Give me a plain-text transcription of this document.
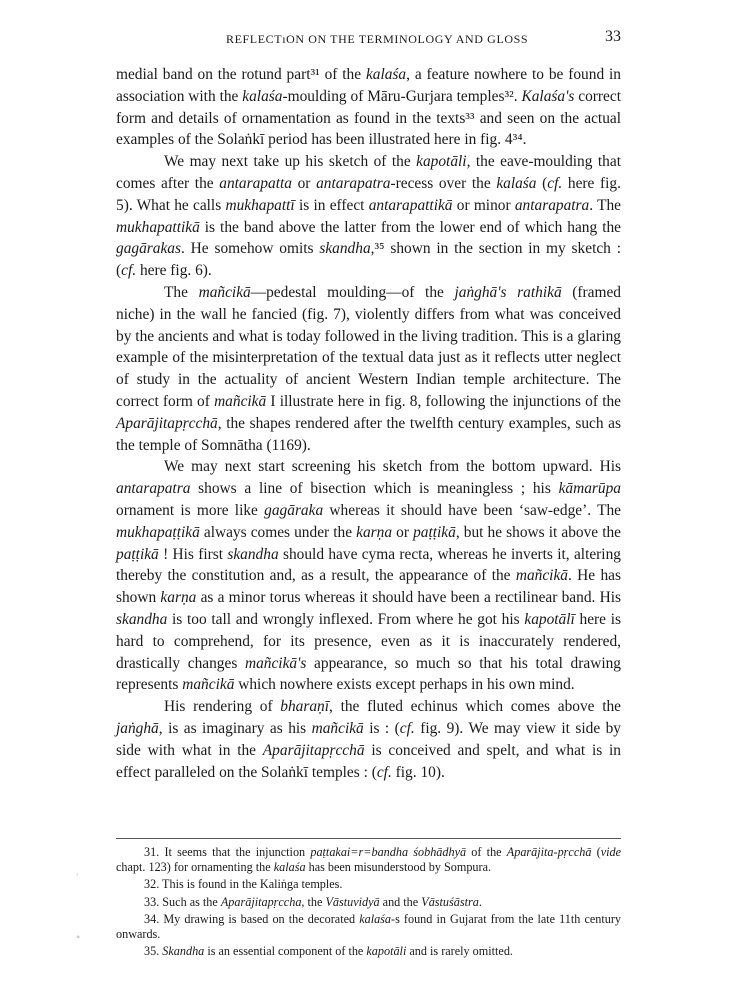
REFLECTıON ON THE TERMINOLOGY AND GLOSS	33

medial band on the rotund part³¹ of the kalaśa, a feature nowhere to be found in association with the kalaśa-moulding of Māru-Gurjara temples³². Kalaśa's correct form and details of ornamentation as found in the texts³³ and seen on the actual examples of the Solaṅkī period has been illustrated here in fig. 4³⁴.

We may next take up his sketch of the kapotāli, the eave-moulding that comes after the antarapatta or antarapatra-recess over the kalaśa (cf. here fig. 5). What he calls mukhapattī is in effect antarapattikā or minor antarapatra. The mukhapattikā is the band above the latter from the lower end of which hang the gagārakas. He somehow omits skandha,³⁵ shown in the section in my sketch : (cf. here fig. 6).

The mañcikā—pedestal moulding—of the jaṅghā's rathikā (framed niche) in the wall he fancied (fig. 7), violently differs from what was conceived by the ancients and what is today followed in the living tradition. This is a glaring example of the misinterpretation of the textual data just as it reflects utter neglect of study in the actuality of ancient Western Indian temple architecture. The correct form of mañcikā I illustrate here in fig. 8, following the injunctions of the Aparājitapṛcchā, the shapes rendered after the twelfth century examples, such as the temple of Somnātha (1169).

We may next start screening his sketch from the bottom upward. His antarapatra shows a line of bisection which is meaningless ; his kāmarūpa ornament is more like gagāraka whereas it should have been ‘saw-edge’. The mukhapaṭṭikā always comes under the karṇa or paṭṭikā, but he shows it above the paṭṭikā ! His first skandha should have cyma recta, whereas he inverts it, altering thereby the constitution and, as a result, the appearance of the mañcikā. He has shown karṇa as a minor torus whereas it should have been a rectilinear band. His skandha is too tall and wrongly inflexed. From where he got his kapotālī here is hard to comprehend, for its presence, even as it is inaccurately rendered, drastically changes mañcikā's appearance, so much so that his total drawing represents mañcikā which nowhere exists except perhaps in his own mind.

His rendering of bharaṇī, the fluted echinus which comes above the jaṅghā, is as imaginary as his mañcikā is : (cf. fig. 9). We may view it side by side with what in the Aparājitapṛcchā is conceived and spelt, and what is in effect paralleled on the Solaṅkī temples : (cf. fig. 10).

31. It seems that the injunction paṭtakai=r=bandha śobhādhyā of the Aparājita-pṛcchā (vide chapt. 123) for ornamenting the kalaśa has been misunderstood by Sompura.

32. This is found in the Kaliṅga temples.

33. Such as the Aparājitapṛccha, the Vāstuvidyā and the Vāstuśāstra.

34. My drawing is based on the decorated kalaśa-s found in Gujarat from the late 11th century onwards.

35. Skandha is an essential component of the kapotāli and is rarely omitted.

′
•
